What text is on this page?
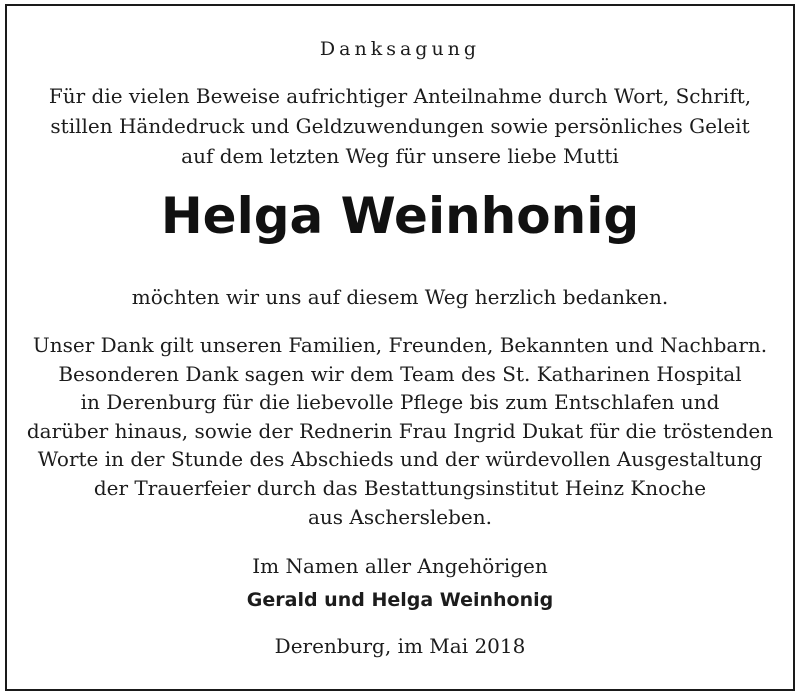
Danksagung
Für die vielen Beweise aufrichtiger Anteilnahme durch Wort, Schrift,
stillen Händedruck und Geldzuwendungen sowie persönliches Geleit
auf dem letzten Weg für unsere liebe Mutti
Helga Weinhonig
möchten wir uns auf diesem Weg herzlich bedanken.
Unser Dank gilt unseren Familien, Freunden, Bekannten und Nachbarn.
Besonderen Dank sagen wir dem Team des St. Katharinen Hospital
in Derenburg für die liebevolle Pflege bis zum Entschlafen und
darüber hinaus, sowie der Rednerin Frau Ingrid Dukat für die tröstenden
Worte in der Stunde des Abschieds und der würdevollen Ausgestaltung
der Trauerfeier durch das Bestattungsinstitut Heinz Knoche
aus Aschersleben.
Im Namen aller Angehörigen
Gerald und Helga Weinhonig
Derenburg, im Mai 2018
